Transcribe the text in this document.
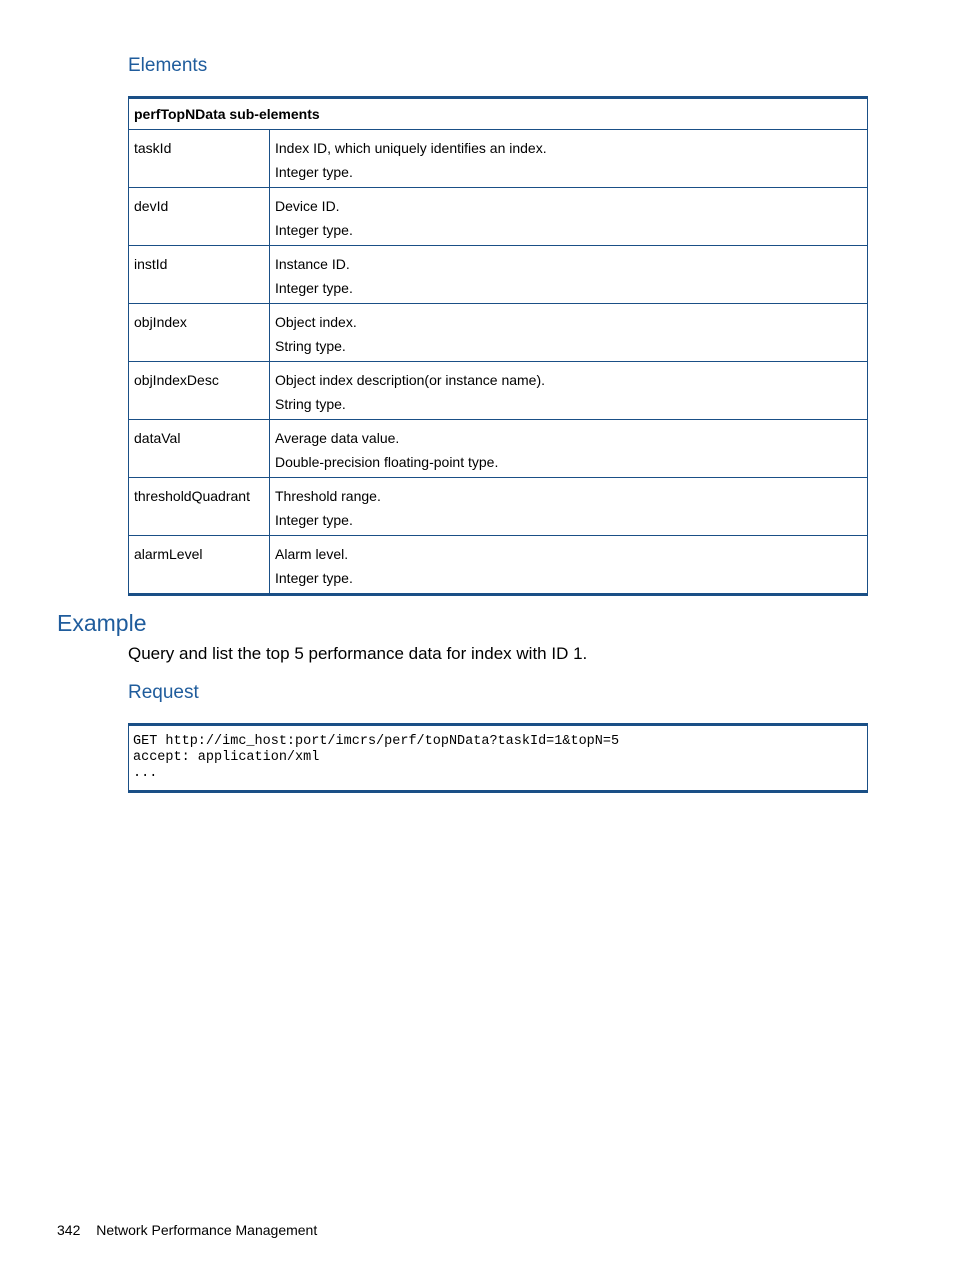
Elements
perfTopNData sub-elements	
taskId	Index ID, which uniquely identifies an index.
Integer type.

devId	Device ID.
Integer type.

instId	Instance ID.
Integer type.

objIndex	Object index.
String type.

objIndexDesc	Object index description(or instance name).
String type.

dataVal	Average data value.
Double-precision floating-point type.

thresholdQuadrant	Threshold range.
Integer type.

alarmLevel	Alarm level.
Integer type.
Example

Query and list the top 5 performance data for index with ID 1.

Request
GET http://imc_host:port/imcrs/perf/topNData?taskId=1&topN=5
accept: application/xml
...
342 Network Performance Management
